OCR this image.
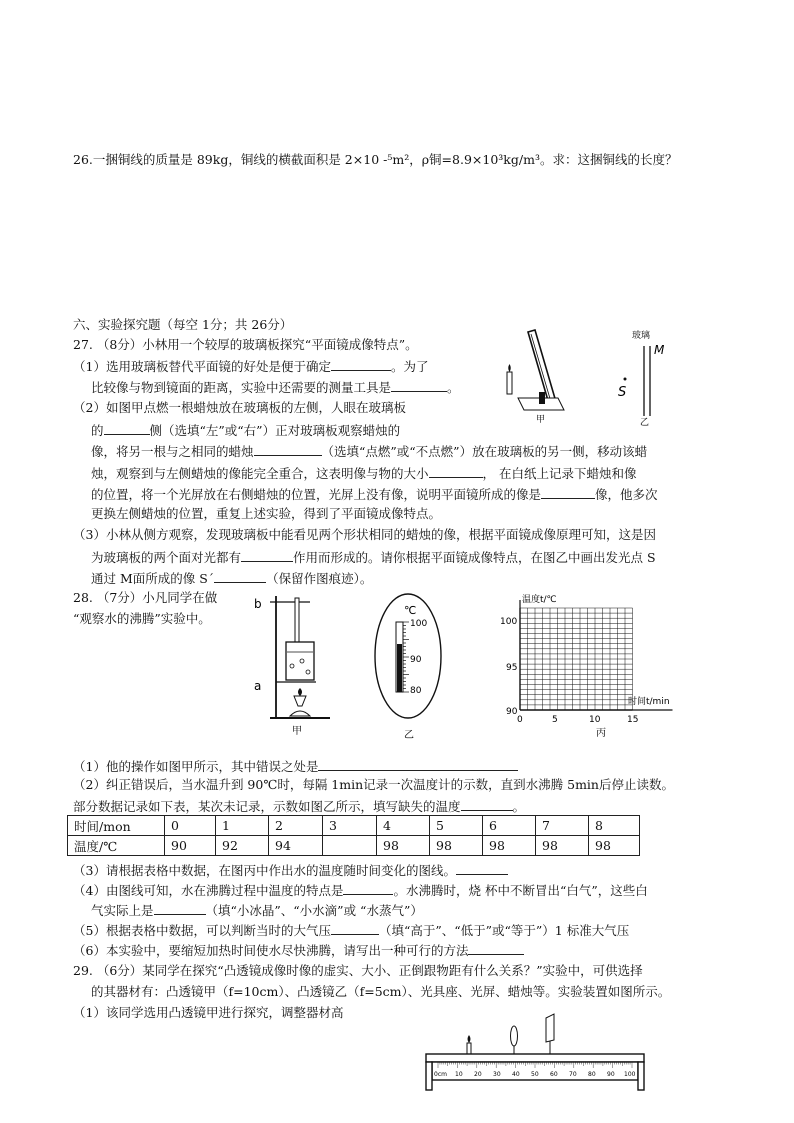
26.一捆铜线的质量是 89kg，铜线的横截面积是 2×10 -⁵m²，ρ铜=8.9×10³kg/m³。求：这捆铜线的长度？
六、实验探究题（每空 1分；共 26分）
27. （8分）小林用一个较厚的玻璃板探究“平面镜成像特点”。
（1）选用玻璃板替代平面镜的好处是便于确定	。为了
比较像与物到镜面的距离，实验中还需要的测量工具是	。
（2）如图甲点燃一根蜡烛放在玻璃板的左侧，人眼在玻璃板
的	侧（选填“左”或“右”）正对玻璃板观察蜡烛的
像，将另一根与之相同的蜡烛	（选填“点燃”或“不点燃”）放在玻璃板的另一侧，移动该蜡
烛，观察到与左侧蜡烛的像能完全重合，这表明像与物的大小	， 在白纸上记录下蜡烛和像
的位置，将一个光屏放在右侧蜡烛的位置，光屏上没有像，说明平面镜所成的像是	像，他多次
更换左侧蜡烛的位置，重复上述实验，得到了平面镜成像特点。
（3）小林从侧方观察，发现玻璃板中能看见两个形状相同的蜡烛的像，根据平面镜成像原理可知，这是因
为玻璃板的两个面对光都有	作用而形成的。请你根据平面镜成像特点，在图乙中画出发光点 S
通过 M面所成的像 S´	（保留作图痕迹）。
甲
玻璃
M
S
乙
28. （7分）小凡同学在做
“观察水的沸腾”实验中。
b
a
甲
℃
100
90
80
乙
温度t/℃
100
95
90
0	5	10	15
时间t/min
丙
（1）他的操作如图甲所示，其中错误之处是
（2）纠正错误后，当水温升到 90℃时，每隔 1min记录一次温度计的示数，直到水沸腾 5min后停止读数。
部分数据记录如下表，某次未记录，示数如图乙所示，填写缺失的温度	。
时间/mon	0	1	2	3	4	5	6	7	8
温度/℃	90	92	94		98	98	98	98	98
（3）请根据表格中数据，在图丙中作出水的温度随时间变化的图线。
（4）由图线可知，水在沸腾过程中温度的特点是	。水沸腾时，烧 杯中不断冒出“白气”，这些白
气实际上是	（填“小冰晶”、“小水滴”或 “水蒸气”）
（5）根据表格中数据，可以判断当时的大气压	（填“高于”、“低于”或“等于”）1 标准大气压
（6）本实验中，要缩短加热时间使水尽快沸腾，请写出一种可行的方法
29. （6分）某同学在探究“凸透镜成像时像的虚实、大小、正倒跟物距有什么关系？”实验中，可供选择
的其器材有：凸透镜甲（f=10cm）、凸透镜乙（f=5cm）、光具座、光屏、蜡烛等。实验装置如图所示。
（1）该同学选用凸透镜甲进行探究，调整器材高
0cm 10 20 30 40 50 60 70 80 90 100
